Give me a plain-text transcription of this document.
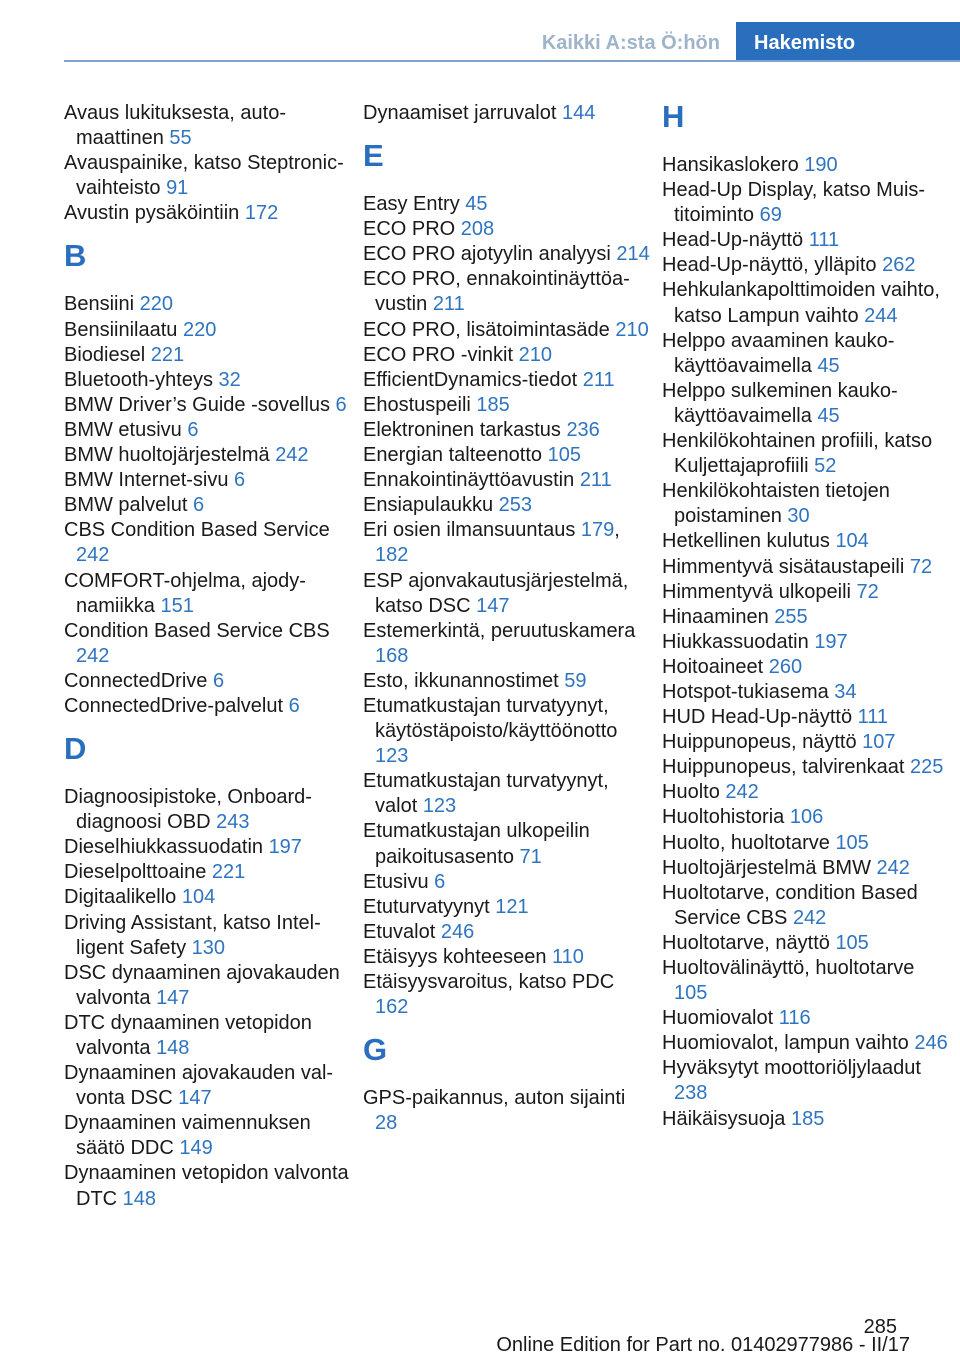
Kaikki A:sta Ö:hön	Hakemisto

Avaus lukituksesta, automaattinen 55

Avauspainike, katso Steptronic-vaihteisto 91

Avustin pysäköintiin 172

B

Bensiini 220

Bensiinilaatu 220

Biodiesel 221

Bluetooth-yhteys 32

BMW Driver’s Guide -sovellus 6

BMW etusivu 6

BMW huoltojärjestelmä 242

BMW Internet-sivu 6

BMW palvelut 6

CBS Condition Based Service 242

COMFORT-ohjelma, ajodynamiikka 151

Condition Based Service CBS 242

ConnectedDrive 6

ConnectedDrive-palvelut 6

D

Diagnoosipistoke, Onboard-diagnoosi OBD 243

Dieselhiukkassuodatin 197

Dieselpolttoaine 221

Digitaalikello 104

Driving Assistant, katso Intelligent Safety 130

DSC dynaaminen ajovakauden valvonta 147

DTC dynaaminen vetopidon valvonta 148

Dynaaminen ajovakauden valvonta DSC 147

Dynaaminen vaimennuksen säätö DDC 149

Dynaaminen vetopidon valvonta DTC 148

Dynaamiset jarruvalot 144

E

Easy Entry 45

ECO PRO 208

ECO PRO ajotyylin analyysi 214

ECO PRO, ennakointinäyttöavustin 211

ECO PRO, lisätoimintasäde 210

ECO PRO -vinkit 210

EfficientDynamics-tiedot 211

Ehostuspeili 185

Elektroninen tarkastus 236

Energian talteenotto 105

Ennakointinäyttöavustin 211

Ensiapulaukku 253

Eri osien ilmansuuntaus 179, 182

ESP ajonvakautusjärjestelmä, katso DSC 147

Estemerkintä, peruutuskamera 168

Esto, ikkunannostimet 59

Etumatkustajan turvatyynyt, käytöstäpoisto/käyttöönotto 123

Etumatkustajan turvatyynyt, valot 123

Etumatkustajan ulkopeilin paikoitusasento 71

Etusivu 6

Etuturvatyynyt 121

Etuvalot 246

Etäisyys kohteeseen 110

Etäisyysvaroitus, katso PDC 162

G

GPS-paikannus, auton sijainti 28

H

Hansikaslokero 190

Head-Up Display, katso Muistitoiminto 69

Head-Up-näyttö 111

Head-Up-näyttö, ylläpito 262

Hehkulankapolttimoiden vaihto, katso Lampun vaihto 244

Helppo avaaminen kaukokäyttöavaimella 45

Helppo sulkeminen kaukokäyttöavaimella 45

Henkilökohtainen profiili, katso Kuljettajaprofiili 52

Henkilökohtaisten tietojen poistaminen 30

Hetkellinen kulutus 104

Himmentyvä sisätaustapeili 72

Himmentyvä ulkopeili 72

Hinaaminen 255

Hiukkassuodatin 197

Hoitoaineet 260

Hotspot-tukiasema 34

HUD Head-Up-näyttö 111

Huippunopeus, näyttö 107

Huippunopeus, talvirenkaat 225

Huolto 242

Huoltohistoria 106

Huolto, huoltotarve 105

Huoltojärjestelmä BMW 242

Huoltotarve, condition Based Service CBS 242

Huoltotarve, näyttö 105

Huoltovälinäyttö, huoltotarve 105

Huomiovalot 116

Huomiovalot, lampun vaihto 246

Hyväksytyt moottoriöljylaadut 238

Häikäisysuoja 185

285
Online Edition for Part no. 01402977986 - II/17
